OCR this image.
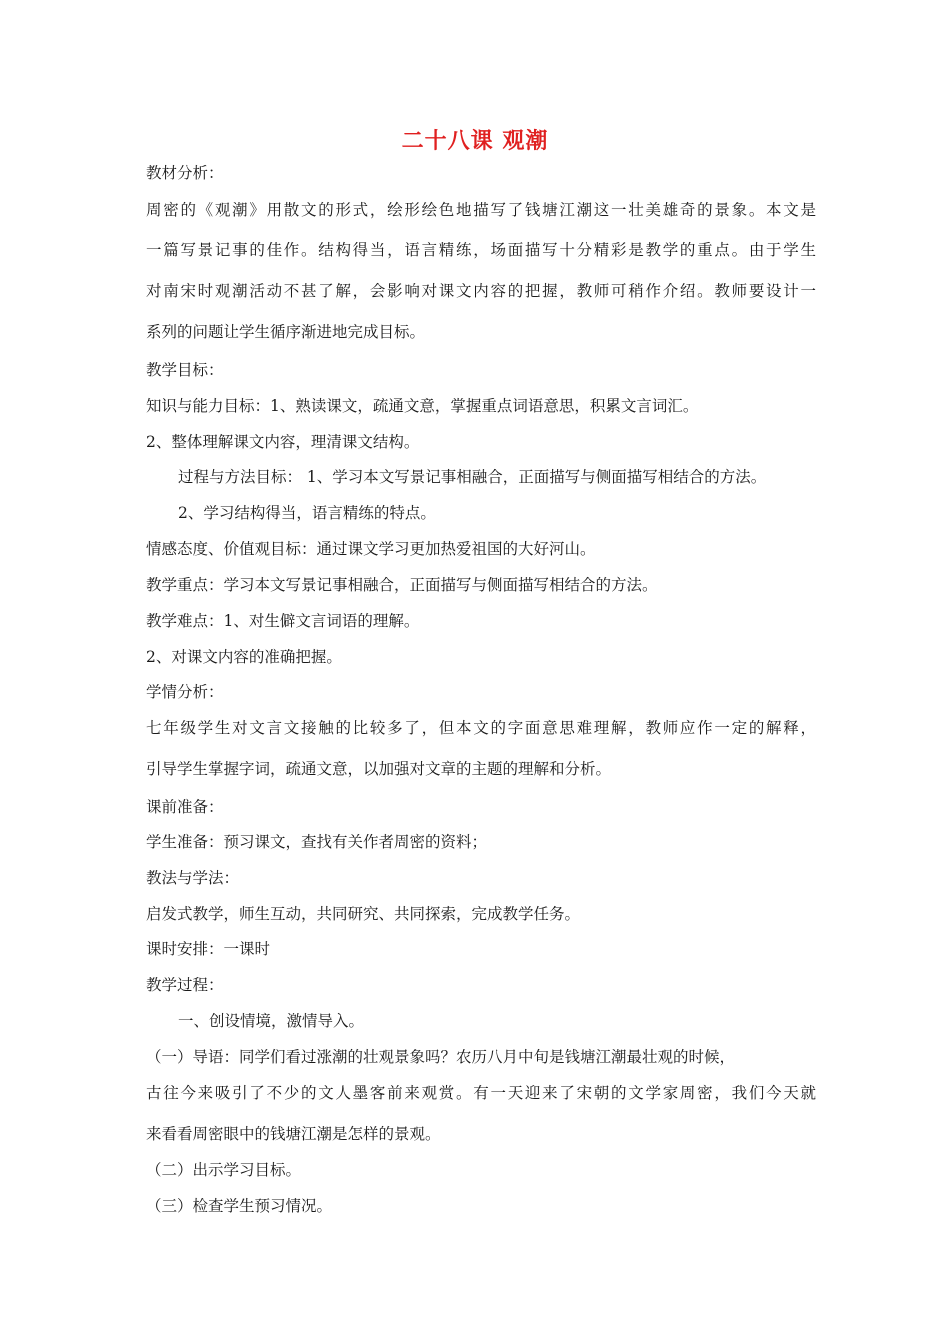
二十八课 观潮
教材分析：
周密的《观潮》用散文的形式，绘形绘色地描写了钱塘江潮这一壮美雄奇的景象。本文是
一篇写景记事的佳作。结构得当，语言精练，场面描写十分精彩是教学的重点。由于学生
对南宋时观潮活动不甚了解，会影响对课文内容的把握，教师可稍作介绍。教师要设计一
系列的问题让学生循序渐进地完成目标。
教学目标：
知识与能力目标：1、熟读课文，疏通文意，掌握重点词语意思，积累文言词汇。
2、整体理解课文内容，理清课文结构。
过程与方法目标： 1、学习本文写景记事相融合，正面描写与侧面描写相结合的方法。
2、学习结构得当，语言精练的特点。
情感态度、价值观目标：通过课文学习更加热爱祖国的大好河山。
教学重点：学习本文写景记事相融合，正面描写与侧面描写相结合的方法。
教学难点：1、对生僻文言词语的理解。
2、对课文内容的准确把握。
学情分析：
七年级学生对文言文接触的比较多了，但本文的字面意思难理解，教师应作一定的解释，
引导学生掌握字词，疏通文意，以加强对文章的主题的理解和分析。
课前准备：
学生准备：预习课文，查找有关作者周密的资料；
教法与学法：
启发式教学，师生互动，共同研究、共同探索，完成教学任务。
课时安排：一课时
教学过程：
一、创设情境，激情导入。
（一）导语：同学们看过涨潮的壮观景象吗？农历八月中旬是钱塘江潮最壮观的时候，
古往今来吸引了不少的文人墨客前来观赏。有一天迎来了宋朝的文学家周密，我们今天就
来看看周密眼中的钱塘江潮是怎样的景观。
（二）出示学习目标。
（三）检查学生预习情况。
